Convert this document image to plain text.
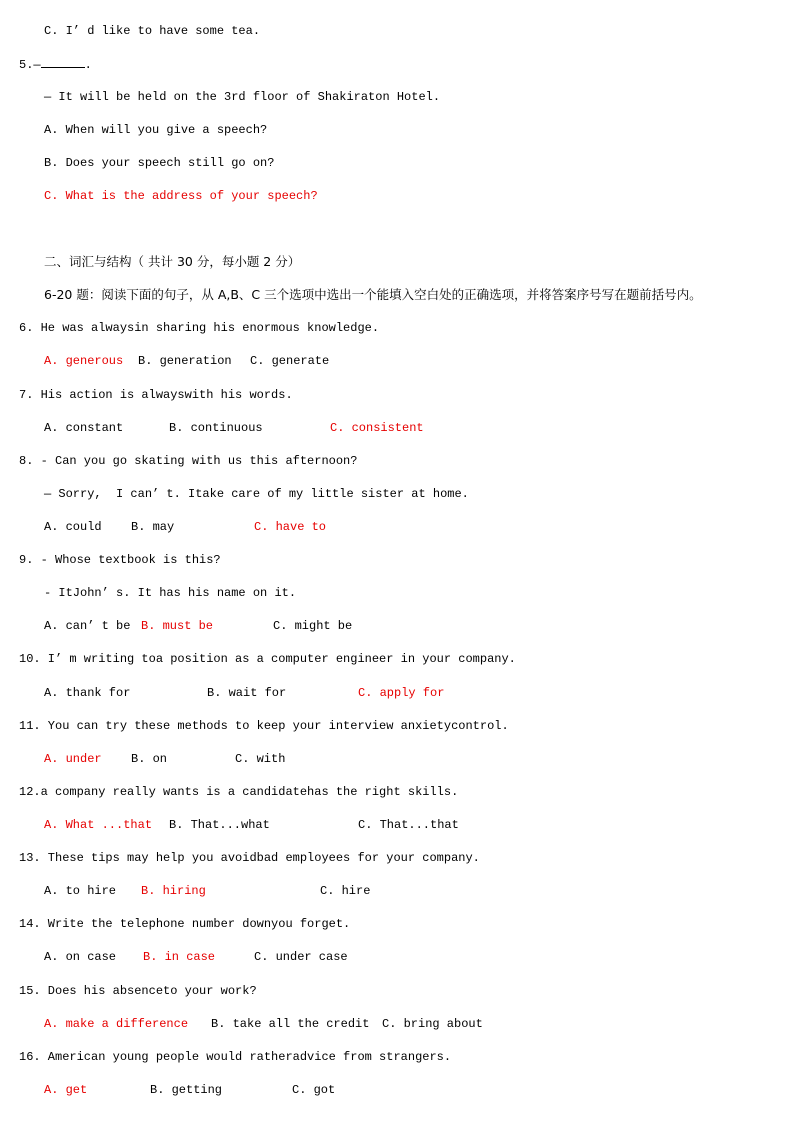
C. I’ d like to have some tea.
5.—	.
— It will be held on the 3rd floor of Shakiraton Hotel.
A. When will you give a speech?
B. Does your speech still go on?
C. What is the address of your speech?
二、词汇与结构（ 共计 30 分，每小题 2 分）
6-20 题：阅读下面的句子，从 A,B、C 三个选项中选出一个能填入空白处的正确选项，并将答案序号写在题前括号内。
6. He was alwaysin sharing his enormous knowledge.

A. generous

B. generation

C. generate

7. His action is alwayswith his words.

A. constant

	B. continuous

	C. consistent

8. - Can you go skating with us this afternoon?
— Sorry,  I can’ t. Itake care of my little sister at home.

A. could

B. may

	C. have to

9. - Whose textbook is this?
- ItJohn’ s. It has his name on it.

A. can’ t be

B. must be

	C. might be

10. I’ m writing toa position as a computer engineer in your company.

A. thank for

	B. wait for

	C. apply for

11. You can try these methods to keep your interview anxietycontrol.

A. under

B. on

	C. with

12.a company really wants is a candidatehas the right skills.

A. What ...that

B. That...what

	C. That...that

13. These tips may help you avoidbad employees for your company.

A. to hire

B. hiring

	C. hire

14. Write the telephone number downyou forget.

A. on case

B. in case

	C. under case

15. Does his absenceto your work?

A. make a difference

B. take all the credit

C. bring about

16. American young people would ratheradvice from strangers.

A. get

	B. getting

	C. got
